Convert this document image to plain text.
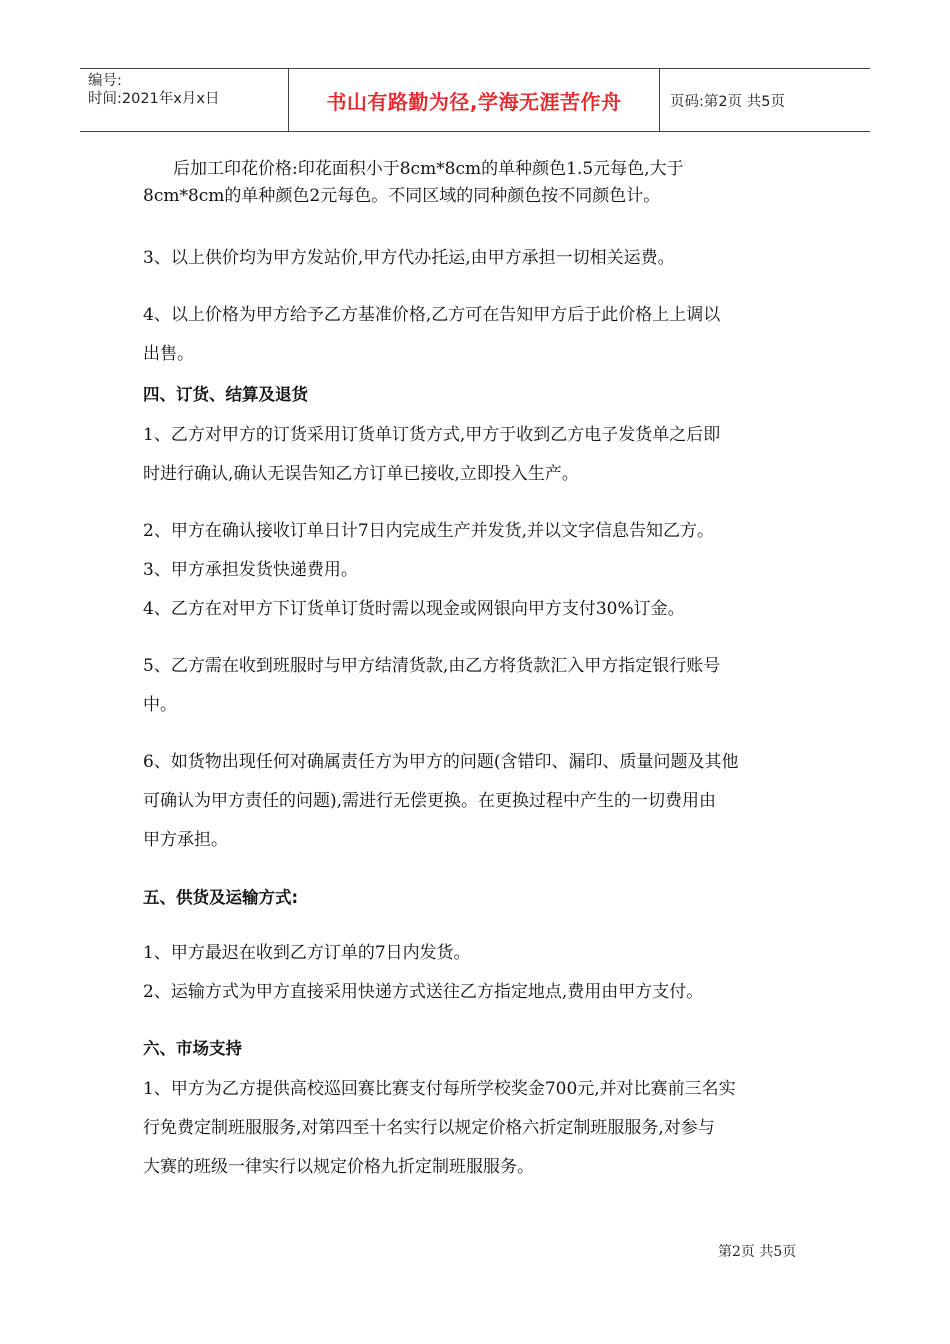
编号:
时间:2021年x月x日	书山有路勤为径,学海无涯苦作舟	页码:第2页 共5页

后加工印花价格:印花面积小于8cm*8cm的单种颜色1.5元每色,大于

8cm*8cm的单种颜色2元每色。不同区域的同种颜色按不同颜色计。

3、以上供价均为甲方发站价,甲方代办托运,由甲方承担一切相关运费。

4、以上价格为甲方给予乙方基准价格,乙方可在告知甲方后于此价格上上调以

出售。

四、订货、结算及退货

1、乙方对甲方的订货采用订货单订货方式,甲方于收到乙方电子发货单之后即

时进行确认,确认无误告知乙方订单已接收,立即投入生产。

2、甲方在确认接收订单日计7日内完成生产并发货,并以文字信息告知乙方。

3、甲方承担发货快递费用。

4、乙方在对甲方下订货单订货时需以现金或网银向甲方支付30%订金。

5、乙方需在收到班服时与甲方结清货款,由乙方将货款汇入甲方指定银行账号

中。

6、如货物出现任何对确属责任方为甲方的问题(含错印、漏印、质量问题及其他

可确认为甲方责任的问题),需进行无偿更换。在更换过程中产生的一切费用由

甲方承担。

五、供货及运输方式:

1、甲方最迟在收到乙方订单的7日内发货。

2、运输方式为甲方直接采用快递方式送往乙方指定地点,费用由甲方支付。

六、市场支持

1、甲方为乙方提供高校巡回赛比赛支付每所学校奖金700元,并对比赛前三名实

行免费定制班服服务,对第四至十名实行以规定价格六折定制班服服务,对参与

大赛的班级一律实行以规定价格九折定制班服服务。

第2页 共5页
